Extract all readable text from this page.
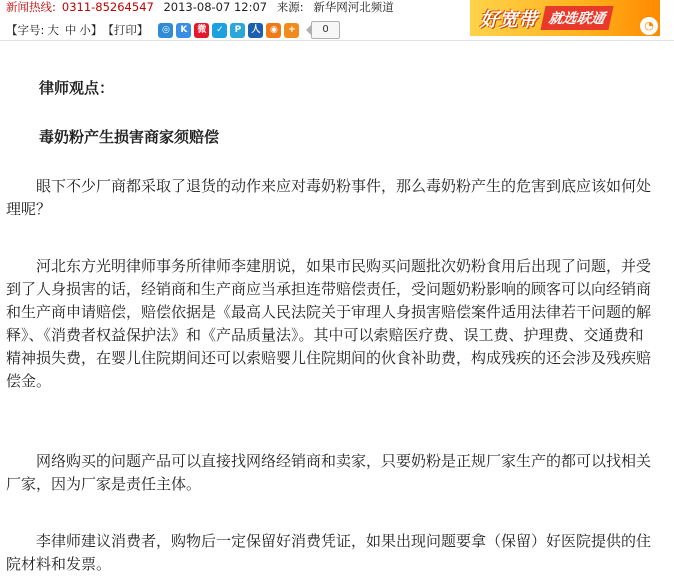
新闻热线: 0311-85264547 2013-08-07 12:07 来源: 新华网河北频道
【字号: 大 中 小】 【打印】	◎	K	微	✓	P	人	◉	+	0	好宽带 就选联通	◔
律师观点：
毒奶粉产生损害商家须赔偿
眼下不少厂商都采取了退货的动作来应对毒奶粉事件，那么毒奶粉产生的危害到底应该如何处理呢？
河北东方光明律师事务所律师李建朋说，如果市民购买问题批次奶粉食用后出现了问题，并受到了人身损害的话，经销商和生产商应当承担连带赔偿责任，受问题奶粉影响的顾客可以向经销商和生产商申请赔偿，赔偿依据是《最高人民法院关于审理人身损害赔偿案件适用法律若干问题的解释》、《消费者权益保护法》和《产品质量法》。其中可以索赔医疗费、误工费、护理费、交通费和精神损失费，在婴儿住院期间还可以索赔婴儿住院期间的伙食补助费，构成残疾的还会涉及残疾赔偿金。
网络购买的问题产品可以直接找网络经销商和卖家，只要奶粉是正规厂家生产的都可以找相关厂家，因为厂家是责任主体。
李律师建议消费者，购物后一定保留好消费凭证，如果出现问题要拿（保留）好医院提供的住院材料和发票。
